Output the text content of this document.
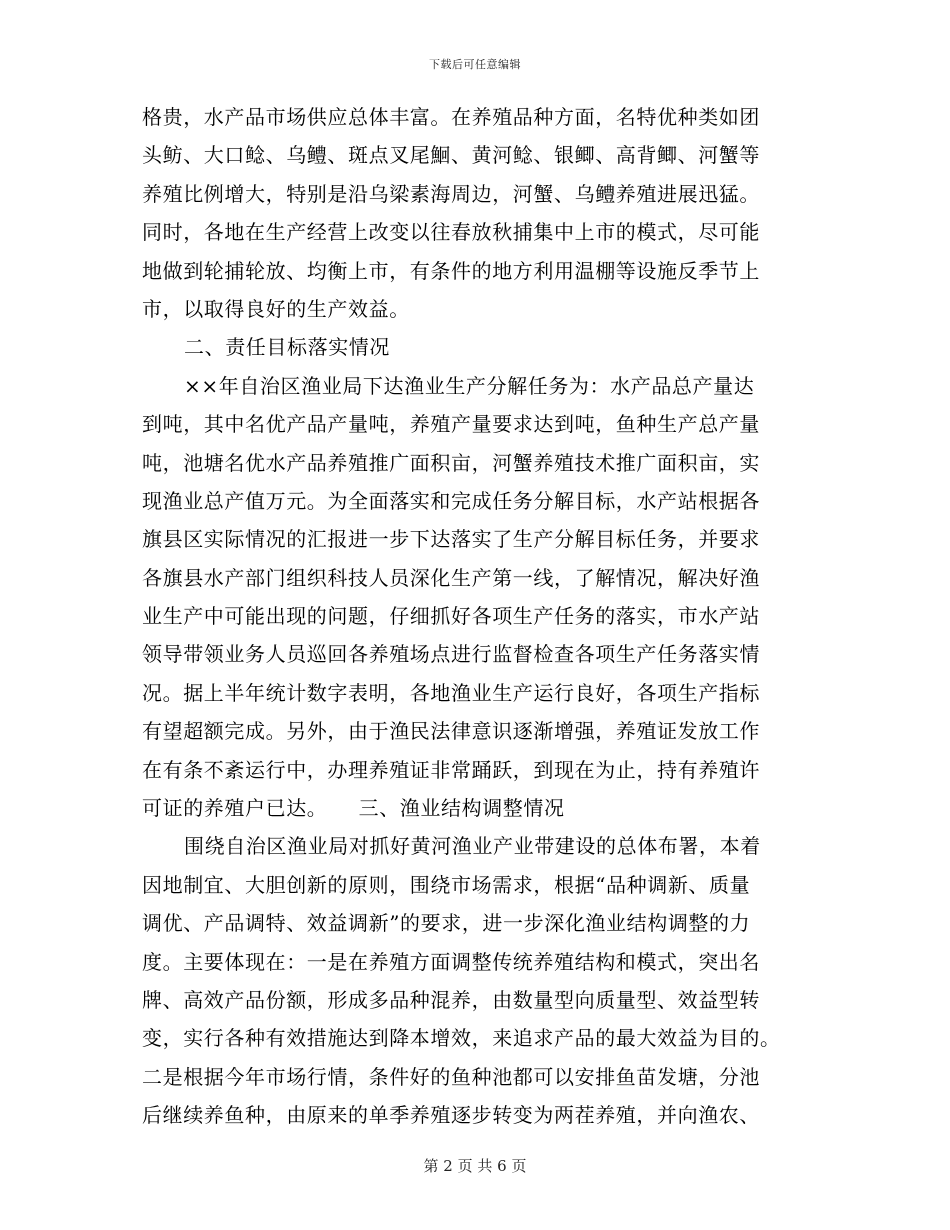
下载后可任意编辑
格贵，水产品市场供应总体丰富。在养殖品种方面，名特优种类如团
头鲂、大口鲶、乌鳢、斑点叉尾鮰、黄河鲶、银鲫、高背鲫、河蟹等
养殖比例增大，特别是沿乌梁素海周边，河蟹、乌鳢养殖进展迅猛。
同时，各地在生产经营上改变以往春放秋捕集中上市的模式，尽可能
地做到轮捕轮放、均衡上市，有条件的地方利用温棚等设施反季节上
市，以取得良好的生产效益。
二、责任目标落实情况
××年自治区渔业局下达渔业生产分解任务为：水产品总产量达
到吨，其中名优产品产量吨，养殖产量要求达到吨，鱼种生产总产量
吨，池塘名优水产品养殖推广面积亩，河蟹养殖技术推广面积亩，实
现渔业总产值万元。为全面落实和完成任务分解目标，水产站根据各
旗县区实际情况的汇报进一步下达落实了生产分解目标任务，并要求
各旗县水产部门组织科技人员深化生产第一线，了解情况，解决好渔
业生产中可能出现的问题，仔细抓好各项生产任务的落实，市水产站
领导带领业务人员巡回各养殖场点进行监督检查各项生产任务落实情
况。据上半年统计数字表明，各地渔业生产运行良好，各项生产指标
有望超额完成。另外，由于渔民法律意识逐渐增强，养殖证发放工作
在有条不紊运行中，办理养殖证非常踊跃，到现在为止，持有养殖许
可证的养殖户已达。　　三、渔业结构调整情况
围绕自治区渔业局对抓好黄河渔业产业带建设的总体布署，本着
因地制宜、大胆创新的原则，围绕市场需求，根据“品种调新、质量
调优、产品调特、效益调新”的要求，进一步深化渔业结构调整的力
度。主要体现在：一是在养殖方面调整传统养殖结构和模式，突出名
牌、高效产品份额，形成多品种混养，由数量型向质量型、效益型转
变，实行各种有效措施达到降本增效，来追求产品的最大效益为目的。
二是根据今年市场行情，条件好的鱼种池都可以安排鱼苗发塘，分池
后继续养鱼种，由原来的单季养殖逐步转变为两茬养殖，并向渔农、
第 2 页 共 6 页
